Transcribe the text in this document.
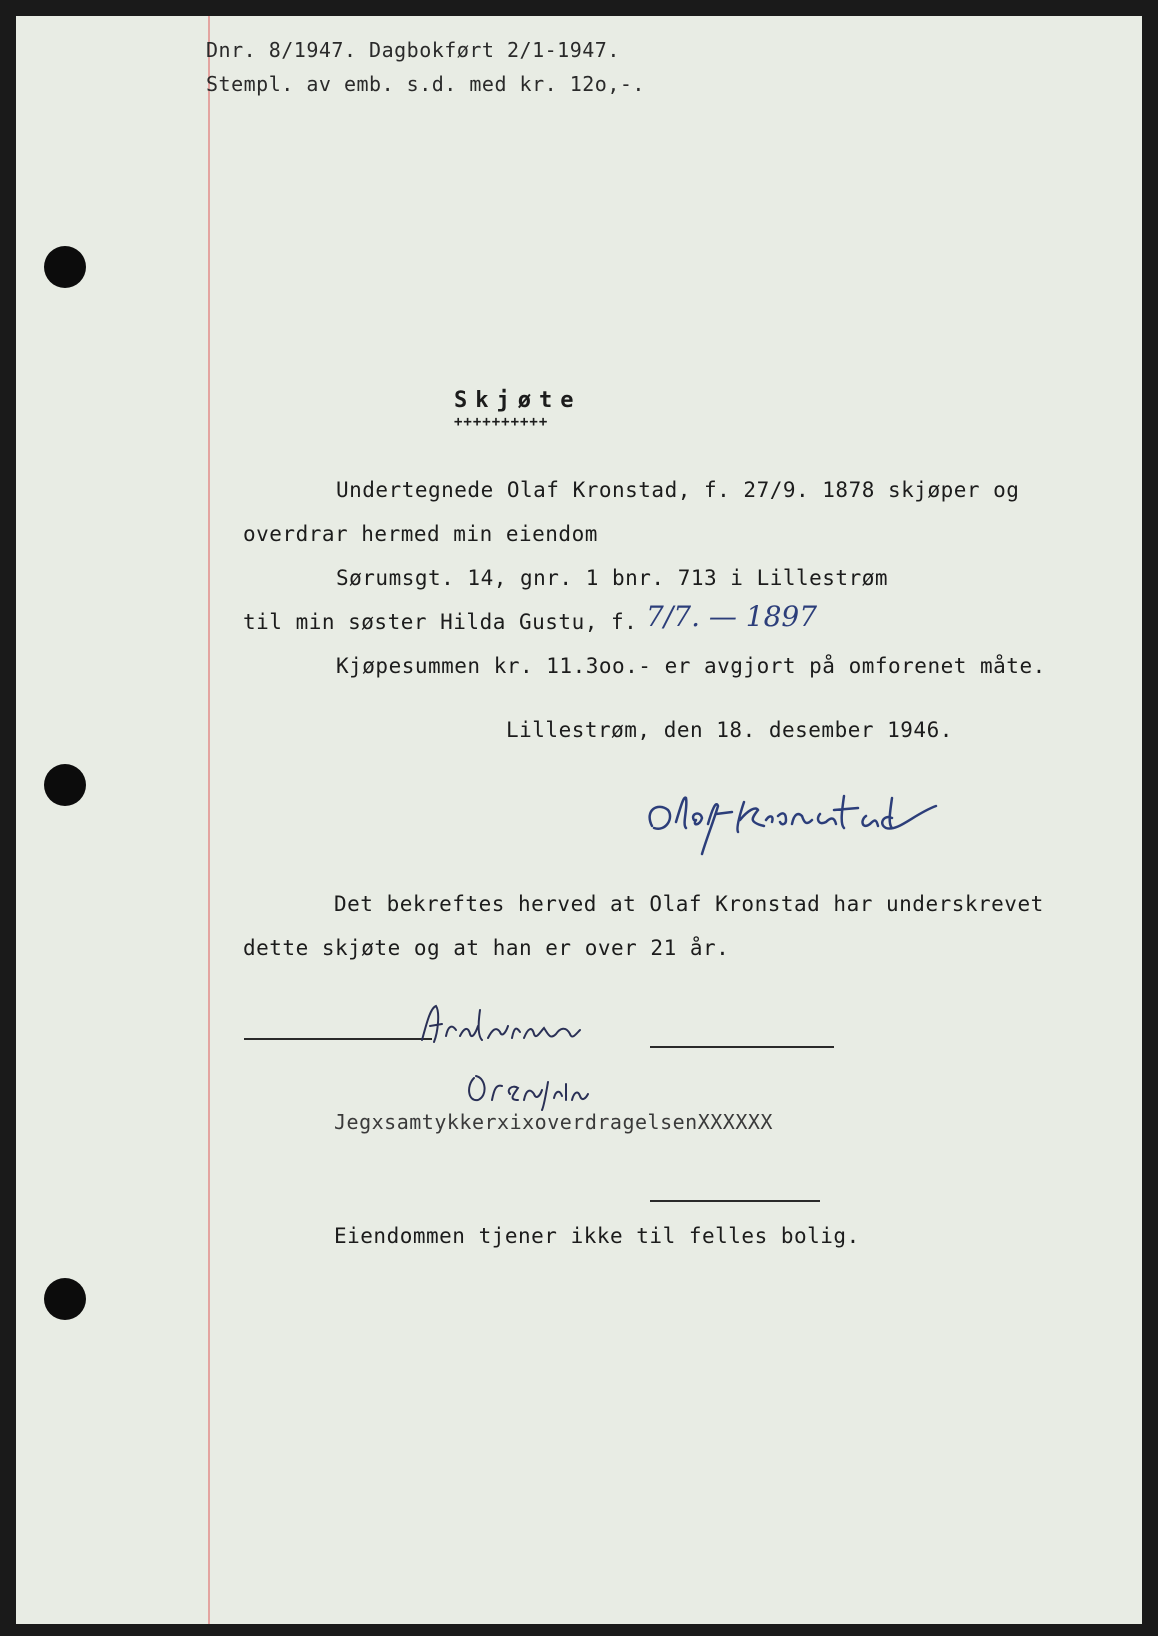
Dnr. 8/1947. Dagbokført 2/1-1947.
Stempl. av emb. s.d. med kr. 12o,-.
Skjøte
++++++++++
Undertegnede Olaf Kronstad, f. 27/9. 1878 skjøper og
overdrar hermed min eiendom
Sørumsgt. 14, gnr. 1 bnr. 713 i Lillestrøm
til min søster Hilda Gustu, f. 7/7. — 1897
Kjøpesummen kr. 11.3oo.- er avgjort på omforenet måte.
Lillestrøm, den 18. desember 1946.
Det bekreftes herved at Olaf Kronstad har underskrevet
dette skjøte og at han er over 21 år.
JegxsamtykkerxixoverdragelsenXXXXXX
Eiendommen tjener ikke til felles bolig.
